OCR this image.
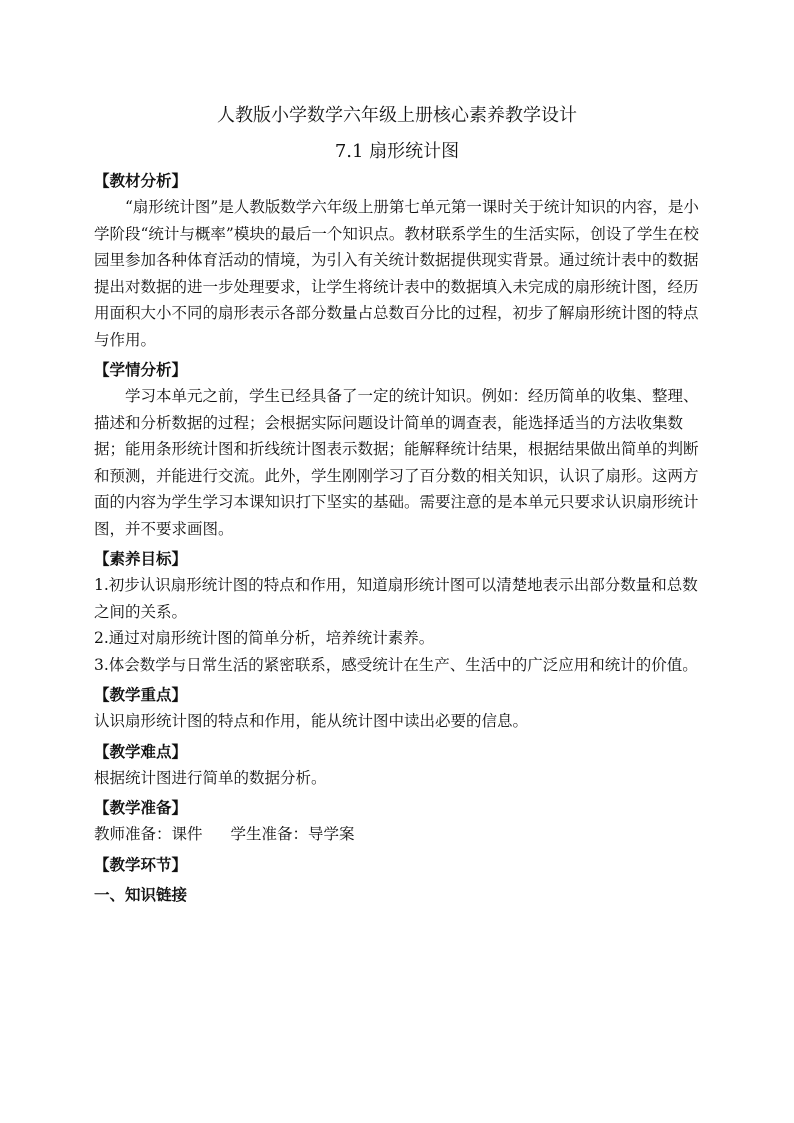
人教版小学数学六年级上册核心素养教学设计
7.1 扇形统计图

【教材分析】

“扇形统计图”是人教版数学六年级上册第七单元第一课时关于统计知识的内容，是小学阶段“统计与概率”模块的最后一个知识点。教材联系学生的生活实际，创设了学生在校园里参加各种体育活动的情境，为引入有关统计数据提供现实背景。通过统计表中的数据提出对数据的进一步处理要求，让学生将统计表中的数据填入未完成的扇形统计图，经历用面积大小不同的扇形表示各部分数量占总数百分比的过程，初步了解扇形统计图的特点与作用。

【学情分析】

学习本单元之前，学生已经具备了一定的统计知识。例如：经历简单的收集、整理、描述和分析数据的过程；会根据实际问题设计简单的调查表，能选择适当的方法收集数据；能用条形统计图和折线统计图表示数据；能解释统计结果，根据结果做出简单的判断和预测，并能进行交流。此外，学生刚刚学习了百分数的相关知识，认识了扇形。这两方面的内容为学生学习本课知识打下坚实的基础。需要注意的是本单元只要求认识扇形统计图，并不要求画图。

【素养目标】

1.初步认识扇形统计图的特点和作用，知道扇形统计图可以清楚地表示出部分数量和总数之间的关系。

2.通过对扇形统计图的简单分析，培养统计素养。

3.体会数学与日常生活的紧密联系，感受统计在生产、生活中的广泛应用和统计的价值。

【教学重点】

认识扇形统计图的特点和作用，能从统计图中读出必要的信息。

【教学难点】

根据统计图进行简单的数据分析。

【教学准备】

教师准备：课件 学生准备：导学案

【教学环节】

一、知识链接
